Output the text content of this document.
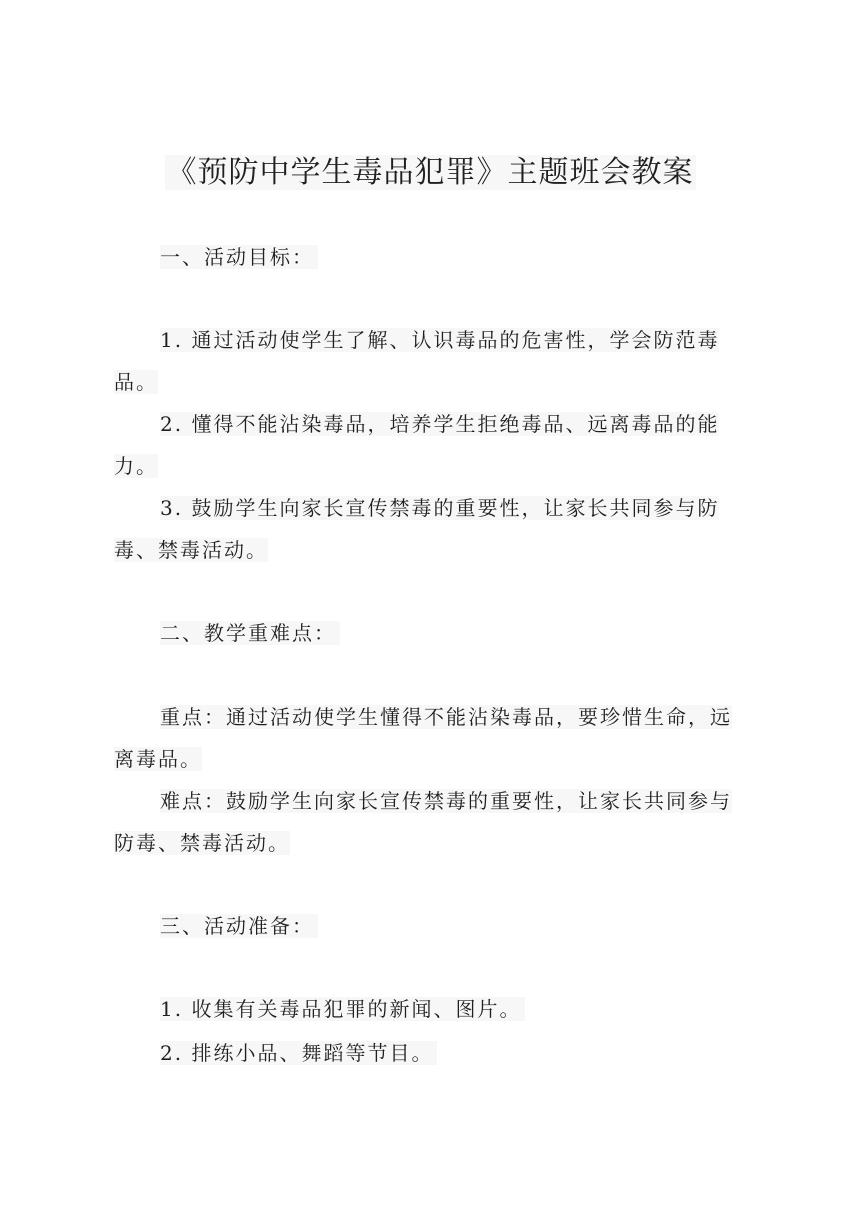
《预防中学生毒品犯罪》主题班会教案
一、活动目标：

1. 通过活动使学生了解、认识毒品的危害性，学会防范毒品。

2. 懂得不能沾染毒品，培养学生拒绝毒品、远离毒品的能力。

3. 鼓励学生向家长宣传禁毒的重要性，让家长共同参与防毒、禁毒活动。

二、教学重难点：

重点：通过活动使学生懂得不能沾染毒品，要珍惜生命，远离毒品。

难点：鼓励学生向家长宣传禁毒的重要性，让家长共同参与防毒、禁毒活动。

三、活动准备：
1. 收集有关毒品犯罪的新闻、图片。
2. 排练小品、舞蹈等节目。
